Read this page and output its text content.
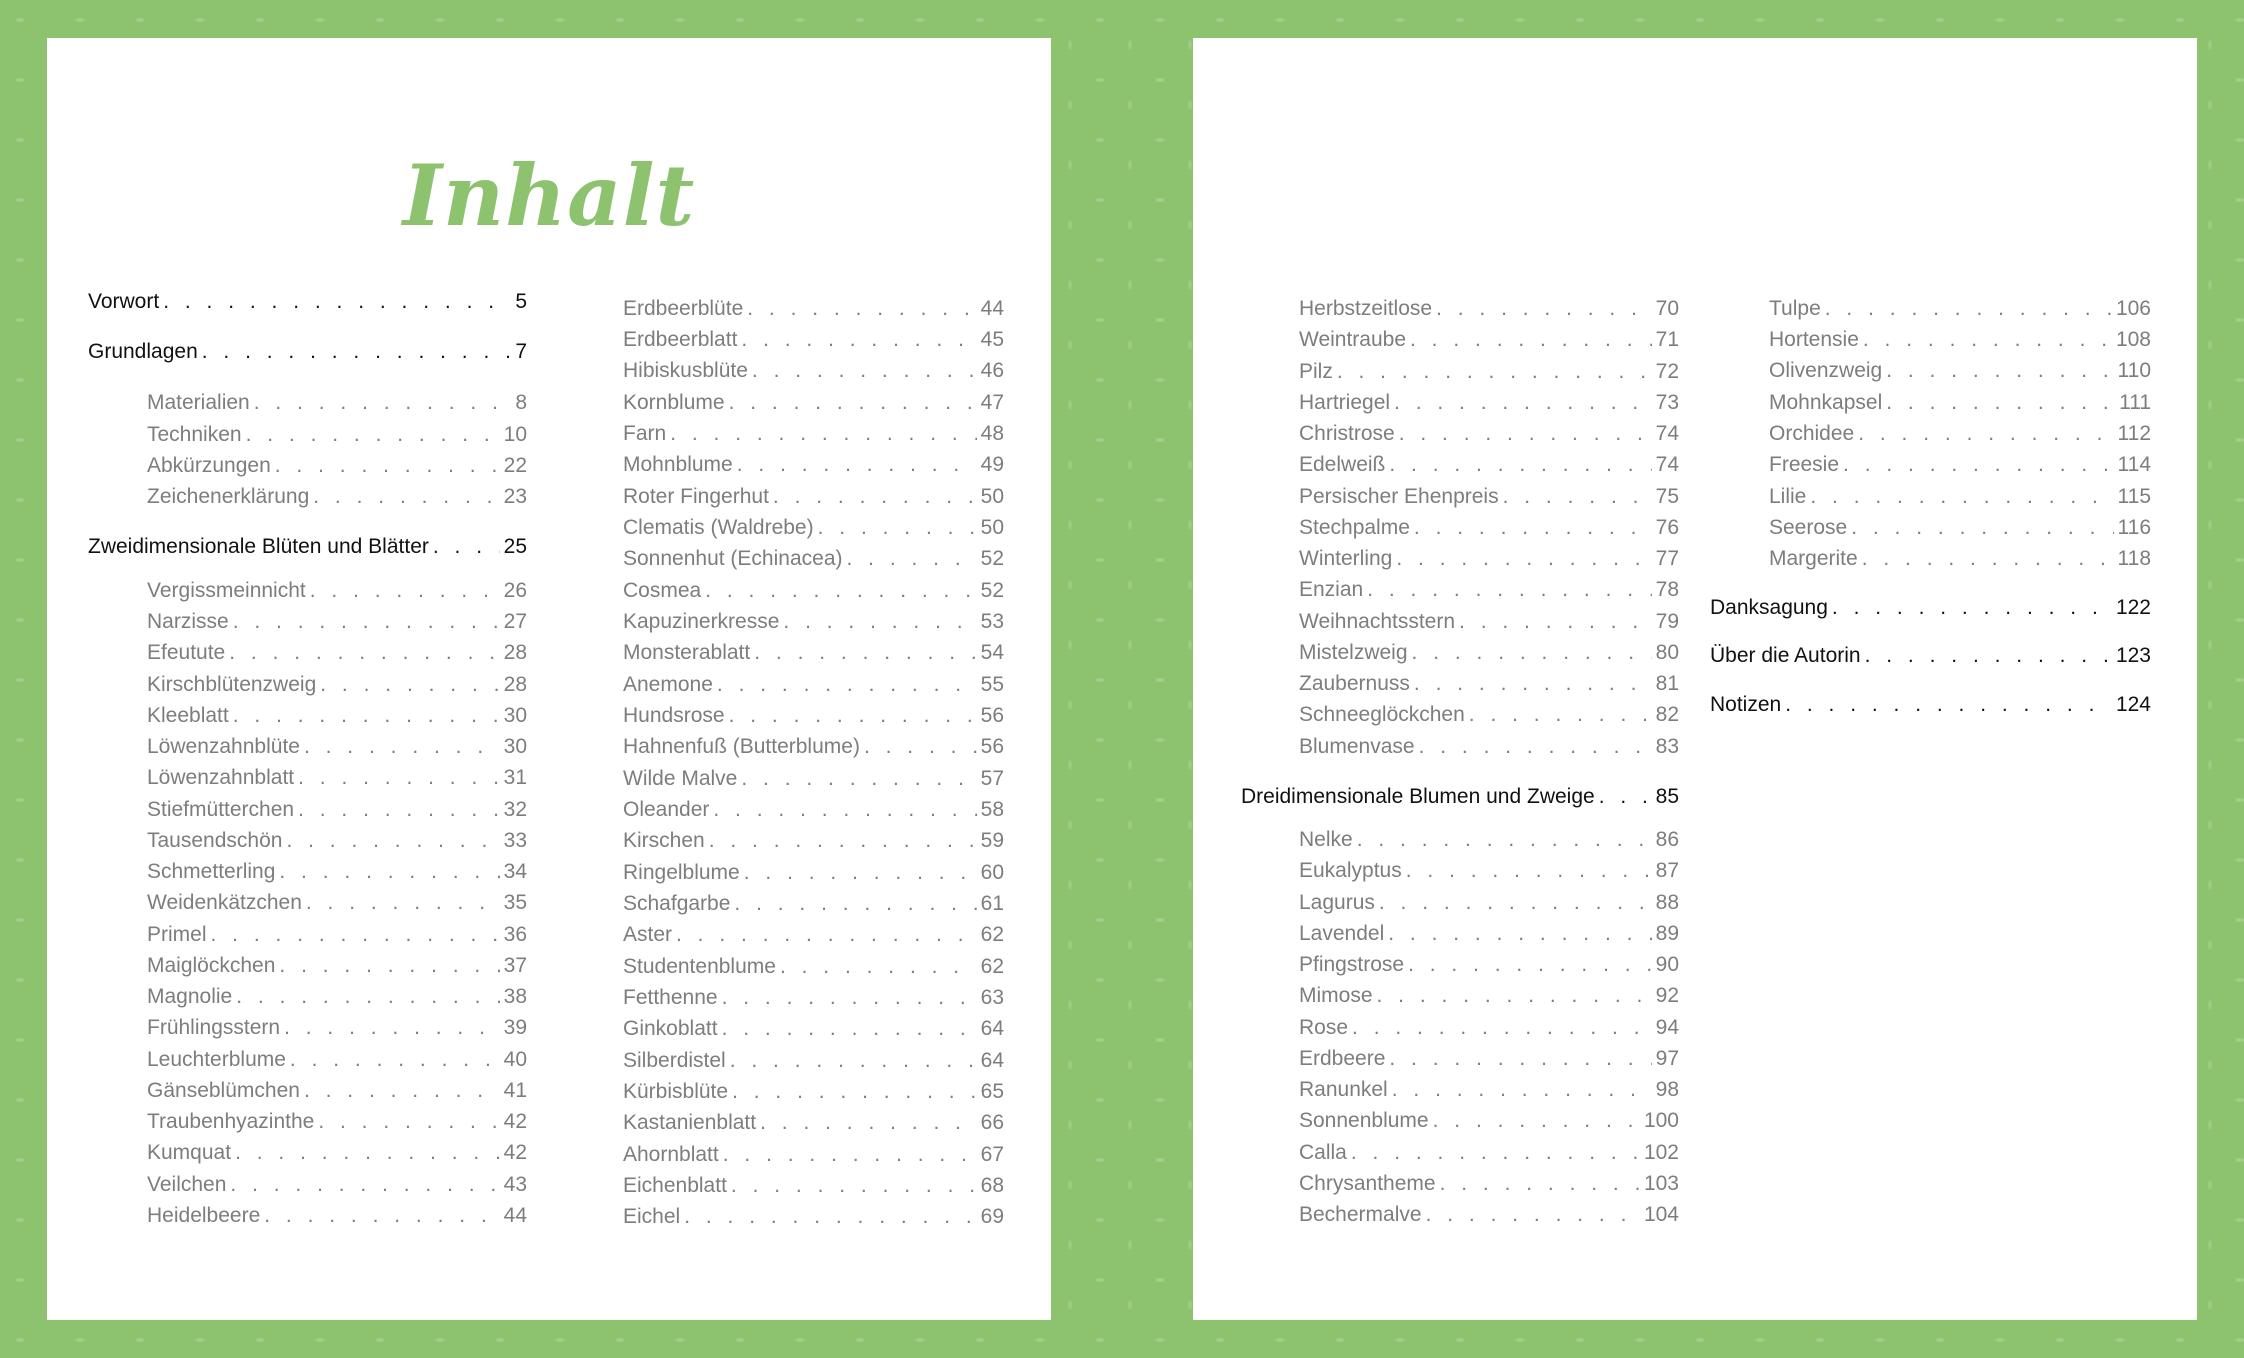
Inhalt
Vorwort . . .	5
Grundlagen . . .	7
Materialien . . .	8
Techniken . . .	10
Abkürzungen . . .	22
Zeichenerklärung . . .	23
Zweidimensionale Blüten und Blätter . . .	25
Vergissmeinnicht . . .	26
Narzisse . . .	27
Efeutute . . .	28
Kirschblütenzweig . . .	28
Kleeblatt . . .	30
Löwenzahnblüte . . .	30
Löwenzahnblatt . . .	31
Stiefmütterchen . . .	32
Tausendschön . . .	33
Schmetterling . . .	34
Weidenkätzchen . . .	35
Primel . . .	36
Maiglöckchen . . .	37
Magnolie . . .	38
Frühlingsstern . . .	39
Leuchterblume . . .	40
Gänseblümchen . . .	41
Traubenhyazinthe . . .	42
Kumquat . . .	42
Veilchen . . .	43
Heidelbeere . . .	44
Erdbeerblüte . . .	44
Erdbeerblatt . . .	45
Hibiskusblüte . . .	46
Kornblume . . .	47
Farn . . .	48
Mohnblume . . .	49
Roter Fingerhut . . .	50
Clematis (Waldrebe) . . .	50
Sonnenhut (Echinacea) . . .	52
Cosmea . . .	52
Kapuzinerkresse . . .	53
Monsterablatt . . .	54
Anemone . . .	55
Hundsrose . . .	56
Hahnenfuß (Butterblume) . . .	56
Wilde Malve . . .	57
Oleander . . .	58
Kirschen . . .	59
Ringelblume . . .	60
Schafgarbe . . .	61
Aster . . .	62
Studentenblume . . .	62
Fetthenne . . .	63
Ginkoblatt . . .	64
Silberdistel . . .	64
Kürbisblüte . . .	65
Kastanienblatt . . .	66
Ahornblatt . . .	67
Eichenblatt . . .	68
Eichel . . .	69
Herbstzeitlose . . .	70
Weintraube . . .	71
Pilz . . .	72
Hartriegel . . .	73
Christrose . . .	74
Edelweiß . . .	74
Persischer Ehenpreis . . .	75
Stechpalme . . .	76
Winterling . . .	77
Enzian . . .	78
Weihnachtsstern . . .	79
Mistelzweig . . .	80
Zaubernuss . . .	81
Schneeglöckchen . . .	82
Blumenvase . . .	83
Dreidimensionale Blumen und Zweige . . .	85
Nelke . . .	86
Eukalyptus . . .	87
Lagurus . . .	88
Lavendel . . .	89
Pfingstrose . . .	90
Mimose . . .	92
Rose . . .	94
Erdbeere . . .	97
Ranunkel . . .	98
Sonnenblume . . .	100
Calla . . .	102
Chrysantheme . . .	103
Bechermalve . . .	104
Tulpe . . .	106
Hortensie . . .	108
Olivenzweig . . .	110
Mohnkapsel . . .	111
Orchidee . . .	112
Freesie . . .	114
Lilie . . .	115
Seerose . . .	116
Margerite . . .	118
Danksagung . . .	122
Über die Autorin . . .	123
Notizen . . .	124
